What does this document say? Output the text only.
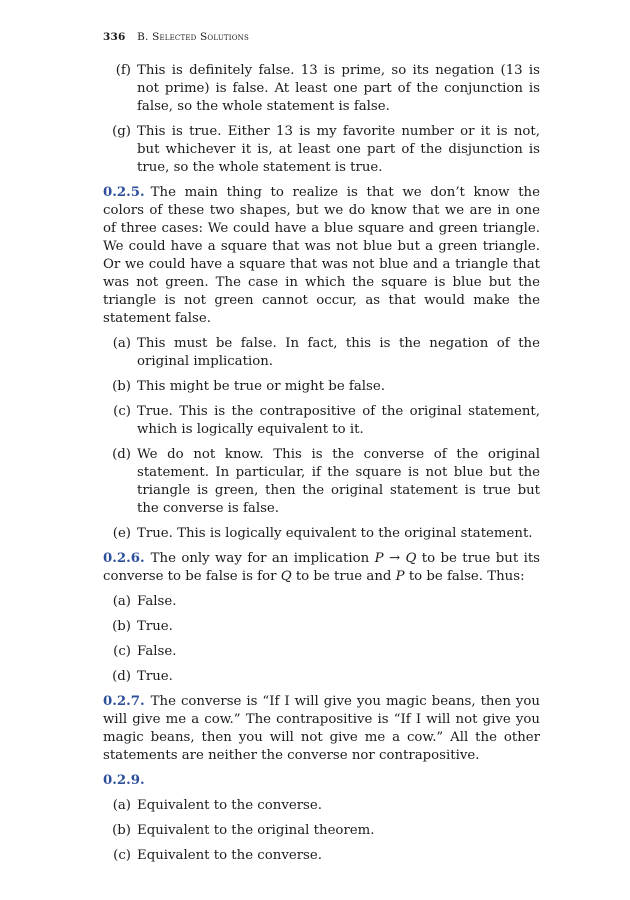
336 B. Selected Solutions
(f) This is definitely false. 13 is prime, so its negation (13 is not prime) is false. At least one part of the conjunction is false, so the whole statement is false.
(g) This is true. Either 13 is my favorite number or it is not, but whichever it is, at least one part of the disjunction is true, so the whole statement is true.

0.2.5. The main thing to realize is that we don’t know the colors of these two shapes, but we do know that we are in one of three cases: We could have a blue square and green triangle. We could have a square that was not blue but a green triangle. Or we could have a square that was not blue and a triangle that was not green. The case in which the square is blue but the triangle is not green cannot occur, as that would make the statement false.

(a) This must be false. In fact, this is the negation of the original implication.
(b) This might be true or might be false.
(c) True. This is the contrapositive of the original statement, which is logically equivalent to it.
(d) We do not know. This is the converse of the original statement. In particular, if the square is not blue but the triangle is green, then the original statement is true but the converse is false.
(e) True. This is logically equivalent to the original statement.

0.2.6. The only way for an implication P → Q to be true but its converse to be false is for Q to be true and P to be false. Thus:

(a) False.
(b) True.
(c) False.
(d) True.

0.2.7. The converse is “If I will give you magic beans, then you will give me a cow.” The contrapositive is “If I will not give you magic beans, then you will not give me a cow.” All the other statements are neither the converse nor contrapositive.

0.2.9.

(a) Equivalent to the converse.
(b) Equivalent to the original theorem.
(c) Equivalent to the converse.
